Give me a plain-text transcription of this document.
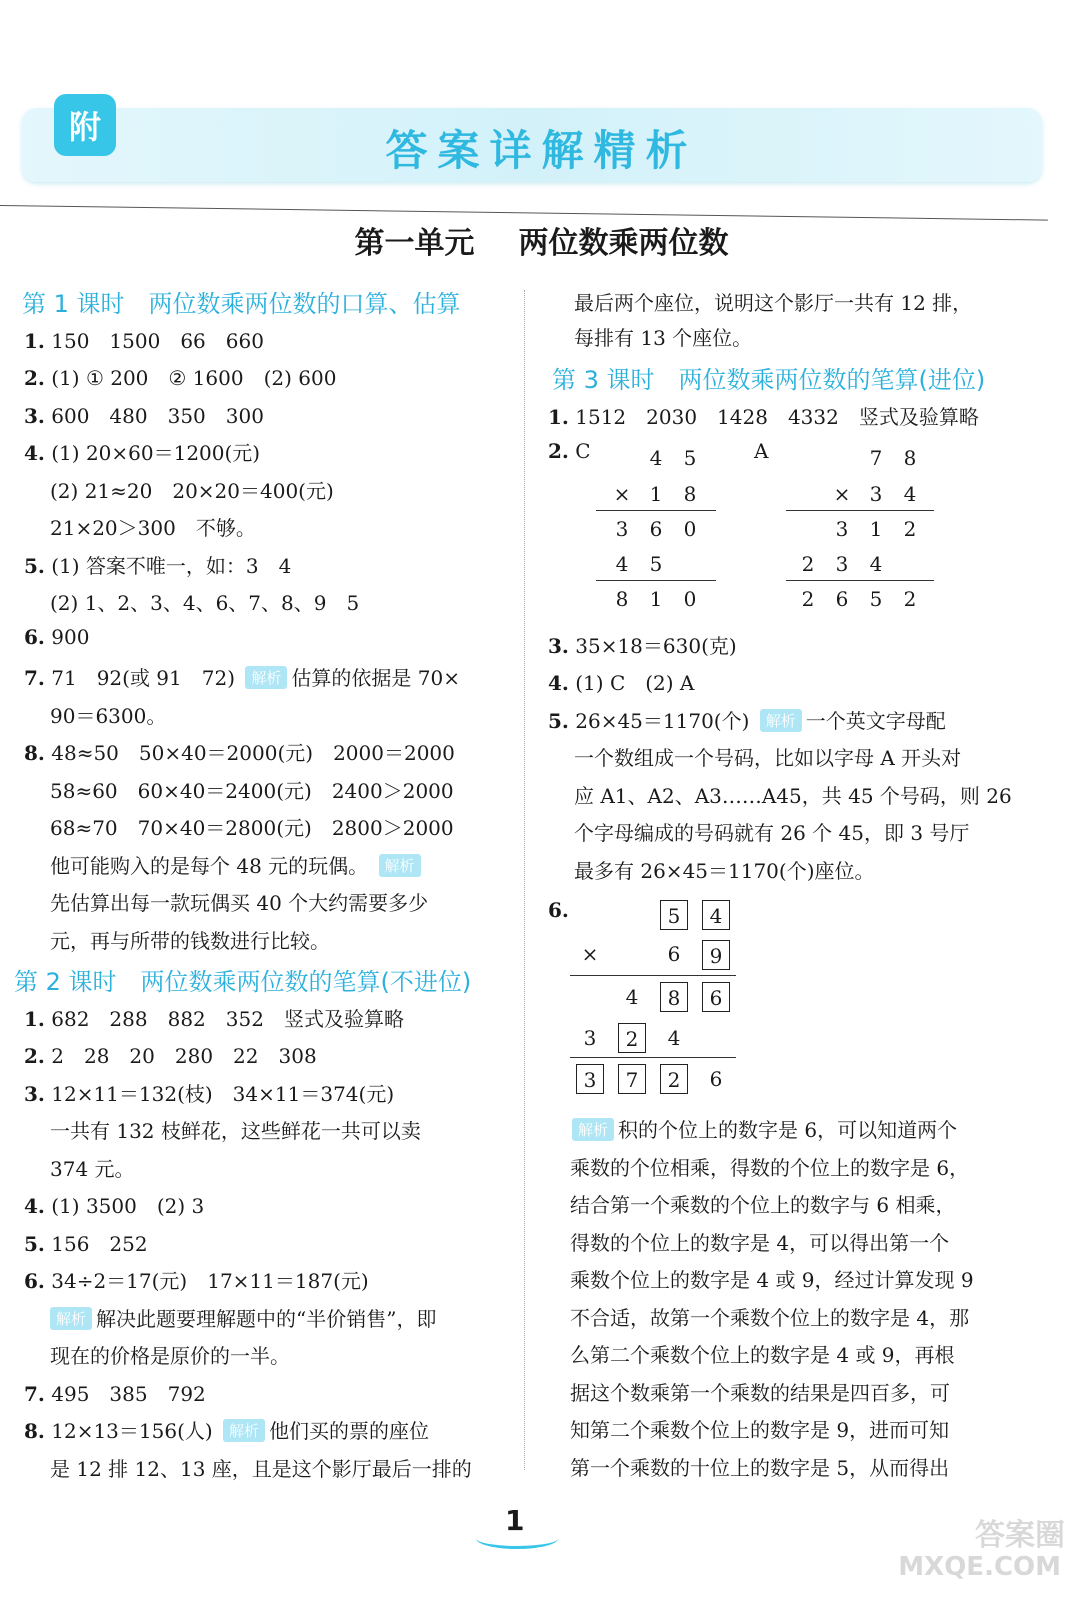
附	答案详解精析
第一单元 两位数乘两位数
第 1 课时　两位数乘两位数的口算、估算
1. 150　1500　66　660
2. (1) ① 200　② 1600　(2) 600
3. 600　480　350　300
4. (1) 20×60＝1200(元)
(2) 21≈20　20×20＝400(元)
21×20＞300　不够。
5. (1) 答案不唯一，如：3　4
(2) 1、2、3、4、6、7、8、9　5
6. 900
7. 71　92(或 91　72) 解析 估算的依据是 70×
90＝6300。
8. 48≈50　50×40＝2000(元)　2000＝2000
58≈60　60×40＝2400(元)　2400＞2000
68≈70　70×40＝2800(元)　2800＞2000
他可能购入的是每个 48 元的玩偶。 解析
先估算出每一款玩偶买 40 个大约需要多少
元，再与所带的钱数进行比较。
第 2 课时　两位数乘两位数的笔算(不进位)
1. 682　288　882　352　竖式及验算略
2. 2　28　20　280　22　308
3. 12×11＝132(枝)　34×11＝374(元)
一共有 132 枝鲜花，这些鲜花一共可以卖
374 元。
4. (1) 3500　(2) 3
5. 156　252
6. 34÷2＝17(元)　17×11＝187(元)
解析 解决此题要理解题中的“半价销售”，即
现在的价格是原价的一半。
7. 495　385　792
8. 12×13＝156(人) 解析 他们买的票的座位
是 12 排 12、13 座，且是这个影厅最后一排的
最后两个座位，说明这个影厅一共有 12 排，
每排有 13 个座位。
第 3 课时　两位数乘两位数的笔算(进位)
1. 1512　2030　1428　4332　竖式及验算略
2. C	A
4	5
× 1	8
3	6	0
4	5
8	1	0
7	8
× 3	4
3	1	2
2	3	4
2	6	5	2
3. 35×18＝630(克)
4. (1) C　(2) A
5. 26×45＝1170(个) 解析 一个英文字母配
一个数组成一个号码，比如以字母 A 开头对
应 A1、A2、A3……A45，共 45 个号码，则 26
个字母编成的号码就有 26 个 45，即 3 号厅
最多有 26×45＝1170(个)座位。
6.	5	4
×	6	9
4	8	6
3	2	4
3	7	2	6
解析 积的个位上的数字是 6，可以知道两个
乘数的个位相乘，得数的个位上的数字是 6，
结合第一个乘数的个位上的数字与 6 相乘，
得数的个位上的数字是 4，可以得出第一个
乘数个位上的数字是 4 或 9，经过计算发现 9
不合适，故第一个乘数个位上的数字是 4，那
么第二个乘数个位上的数字是 4 或 9，再根
据这个数乘第一个乘数的结果是四百多，可
知第二个乘数个位上的数字是 9，进而可知
第一个乘数的十位上的数字是 5，从而得出
1	答案圈
MXQE.COM
